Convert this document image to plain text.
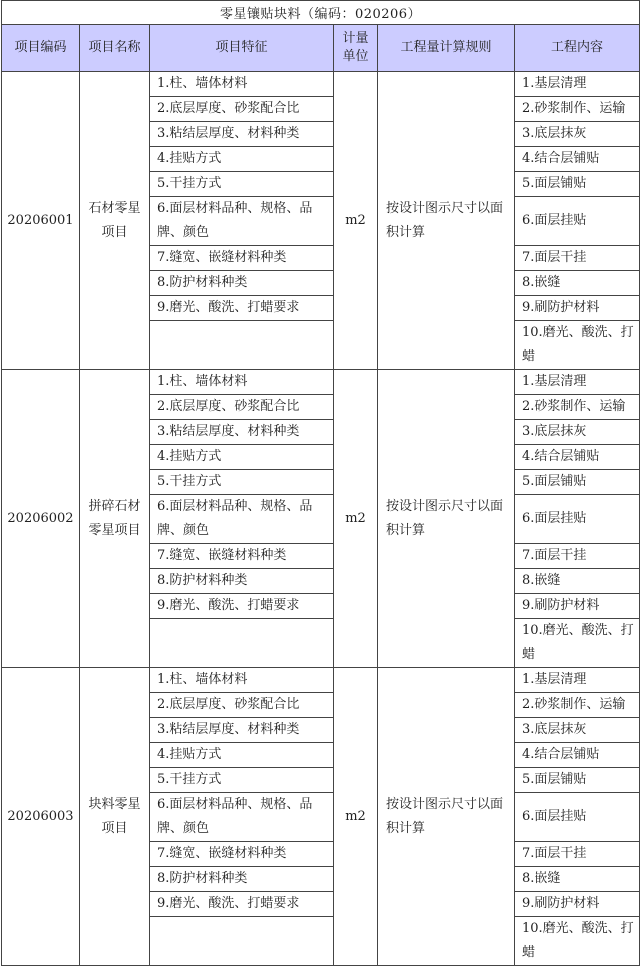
零星镶贴块料（编码：020206）					
项目编码	项目名称	项目特征	计量单位	工程量计算规则	工程内容
20206001	石材零星项目	1.柱、墙体材料	m2	按设计图示尺寸以面积计算	1.基层清理
		2.底层厚度、砂浆配合比			2.砂浆制作、运输
		3.粘结层厚度、材料种类			3.底层抹灰
		4.挂贴方式			4.结合层铺贴
		5.干挂方式			5.面层铺贴
		6.面层材料品种、规格、品牌、颜色			6.面层挂贴
		7.缝宽、嵌缝材料种类			7.面层干挂
		8.防护材料种类			8.嵌缝
		9.磨光、酸洗、打蜡要求			9.刷防护材料
					10.磨光、酸洗、打蜡
20206002	拼碎石材零星项目	1.柱、墙体材料	m2	按设计图示尺寸以面积计算	1.基层清理
		2.底层厚度、砂浆配合比			2.砂浆制作、运输
		3.粘结层厚度、材料种类			3.底层抹灰
		4.挂贴方式			4.结合层铺贴
		5.干挂方式			5.面层铺贴
		6.面层材料品种、规格、品牌、颜色			6.面层挂贴
		7.缝宽、嵌缝材料种类			7.面层干挂
		8.防护材料种类			8.嵌缝
		9.磨光、酸洗、打蜡要求			9.刷防护材料
					10.磨光、酸洗、打蜡
20206003	块料零星项目	1.柱、墙体材料	m2	按设计图示尺寸以面积计算	1.基层清理
		2.底层厚度、砂浆配合比			2.砂浆制作、运输
		3.粘结层厚度、材料种类			3.底层抹灰
		4.挂贴方式			4.结合层铺贴
		5.干挂方式			5.面层铺贴
		6.面层材料品种、规格、品牌、颜色			6.面层挂贴
		7.缝宽、嵌缝材料种类			7.面层干挂
		8.防护材料种类			8.嵌缝
		9.磨光、酸洗、打蜡要求			9.刷防护材料
					10.磨光、酸洗、打蜡
